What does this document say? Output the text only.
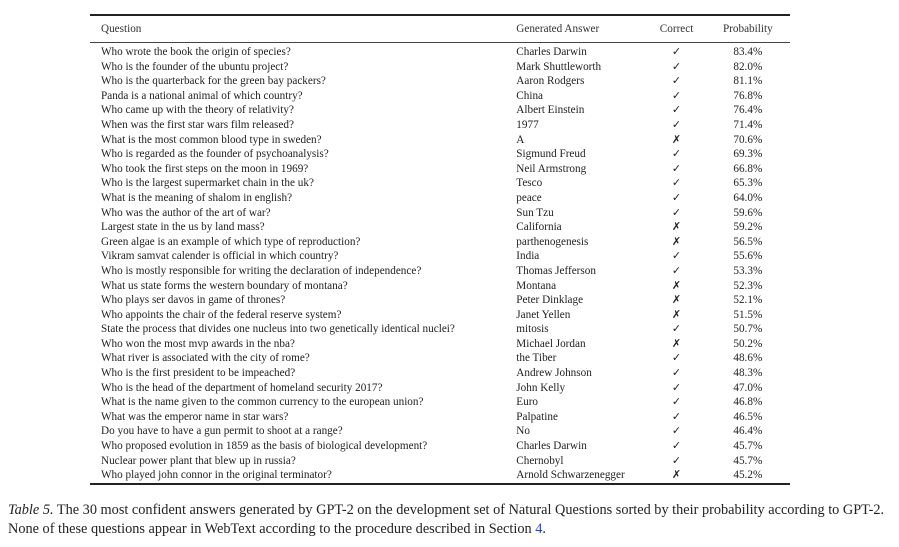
Question	Generated Answer	Correct	Probability
Who wrote the book the origin of species?	Charles Darwin	✓	83.4%
Who is the founder of the ubuntu project?	Mark Shuttleworth	✓	82.0%
Who is the quarterback for the green bay packers?	Aaron Rodgers	✓	81.1%
Panda is a national animal of which country?	China	✓	76.8%
Who came up with the theory of relativity?	Albert Einstein	✓	76.4%
When was the first star wars film released?	1977	✓	71.4%
What is the most common blood type in sweden?	A	✗	70.6%
Who is regarded as the founder of psychoanalysis?	Sigmund Freud	✓	69.3%
Who took the first steps on the moon in 1969?	Neil Armstrong	✓	66.8%
Who is the largest supermarket chain in the uk?	Tesco	✓	65.3%
What is the meaning of shalom in english?	peace	✓	64.0%
Who was the author of the art of war?	Sun Tzu	✓	59.6%
Largest state in the us by land mass?	California	✗	59.2%
Green algae is an example of which type of reproduction?	parthenogenesis	✗	56.5%
Vikram samvat calender is official in which country?	India	✓	55.6%
Who is mostly responsible for writing the declaration of independence?	Thomas Jefferson	✓	53.3%
What us state forms the western boundary of montana?	Montana	✗	52.3%
Who plays ser davos in game of thrones?	Peter Dinklage	✗	52.1%
Who appoints the chair of the federal reserve system?	Janet Yellen	✗	51.5%
State the process that divides one nucleus into two genetically identical nuclei?	mitosis	✓	50.7%
Who won the most mvp awards in the nba?	Michael Jordan	✗	50.2%
What river is associated with the city of rome?	the Tiber	✓	48.6%
Who is the first president to be impeached?	Andrew Johnson	✓	48.3%
Who is the head of the department of homeland security 2017?	John Kelly	✓	47.0%
What is the name given to the common currency to the european union?	Euro	✓	46.8%
What was the emperor name in star wars?	Palpatine	✓	46.5%
Do you have to have a gun permit to shoot at a range?	No	✓	46.4%
Who proposed evolution in 1859 as the basis of biological development?	Charles Darwin	✓	45.7%
Nuclear power plant that blew up in russia?	Chernobyl	✓	45.7%
Who played john connor in the original terminator?	Arnold Schwarzenegger	✗	45.2%
Table 5. The 30 most confident answers generated by GPT-2 on the development set of Natural Questions sorted by their probability according to GPT-2. None of these questions appear in WebText according to the procedure described in Section 4.
